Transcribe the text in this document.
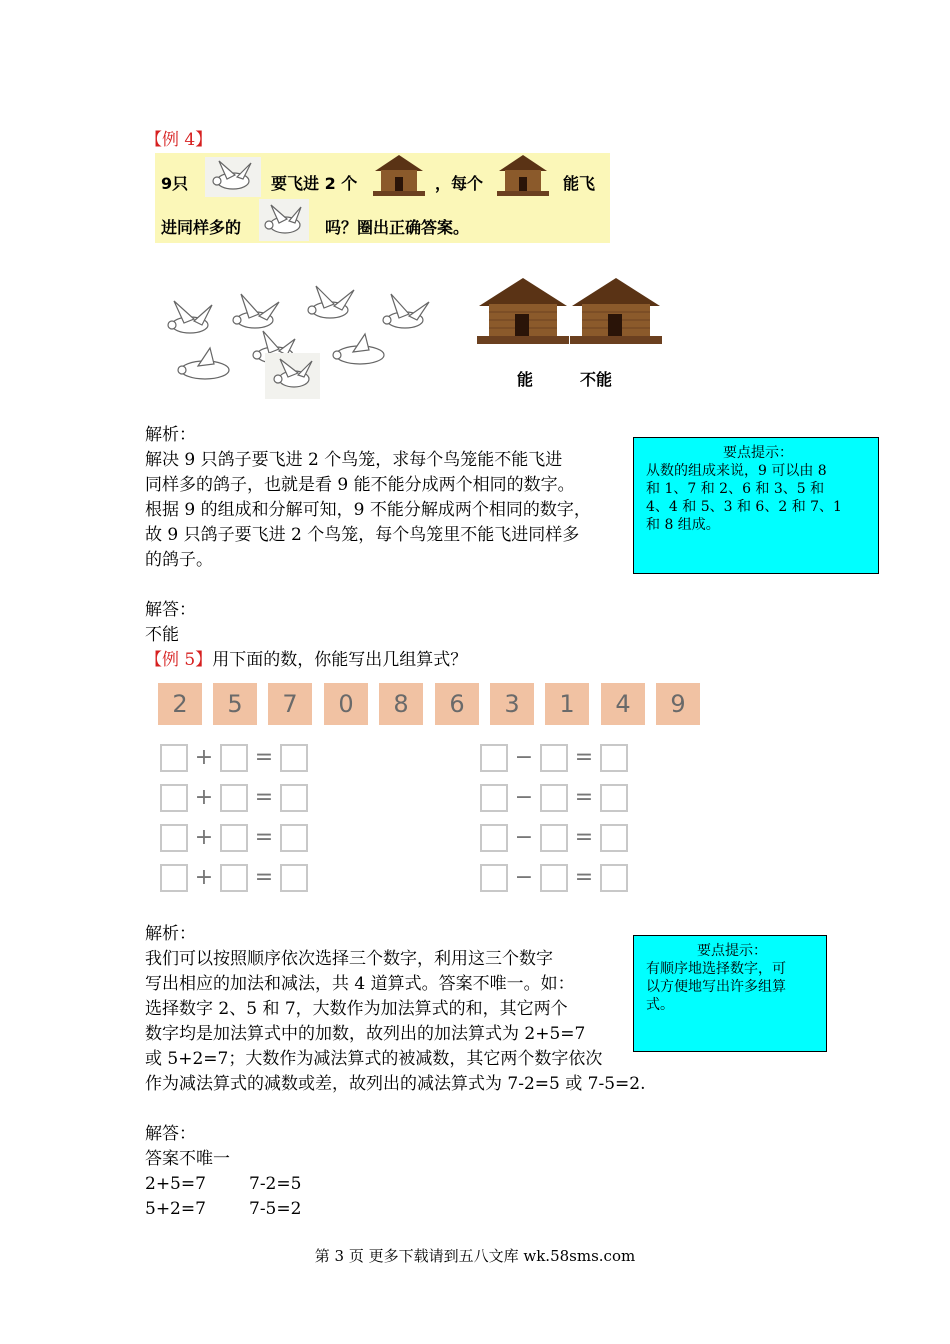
【例 4】
9只	要飞进 2 个	，每个	能飞
进同样多的	吗？圈出正确答案。
能	不能
解析：
解决 9 只鸽子要飞进 2 个鸟笼，求每个鸟笼能不能飞进
同样多的鸽子，也就是看 9 能不能分成两个相同的数字。
根据 9 的组成和分解可知，9 不能分解成两个相同的数字，
故 9 只鸽子要飞进 2 个鸟笼，每个鸟笼里不能飞进同样多
的鸽子。
要点提示：
从数的组成来说，9 可以由 8
和 1、7 和 2、6 和 3、5 和
4、4 和 5、3 和 6、2 和 7、1
和 8 组成。
解答：
不能
【例 5】用下面的数，你能写出几组算式？
2	5	7	0	8	6	3	1	4	9
+ =
+ =
+ =
+ =
− =
− =
− =
− =
解析：
我们可以按照顺序依次选择三个数字，利用这三个数字
写出相应的加法和减法，共 4 道算式。答案不唯一。如：
选择数字 2、5 和 7，大数作为加法算式的和，其它两个
数字均是加法算式中的加数，故列出的加法算式为 2+5=7
或 5+2=7；大数作为减法算式的被减数，其它两个数字依次
作为减法算式的减数或差，故列出的减法算式为 7-2=5 或 7-5=2.
要点提示：
有顺序地选择数字，可
以方便地写出许多组算
式。
解答：
答案不唯一
2+5=7	7-2=5
5+2=7	7-5=2
第 3 页 更多下载请到五八文库 wk.58sms.com
